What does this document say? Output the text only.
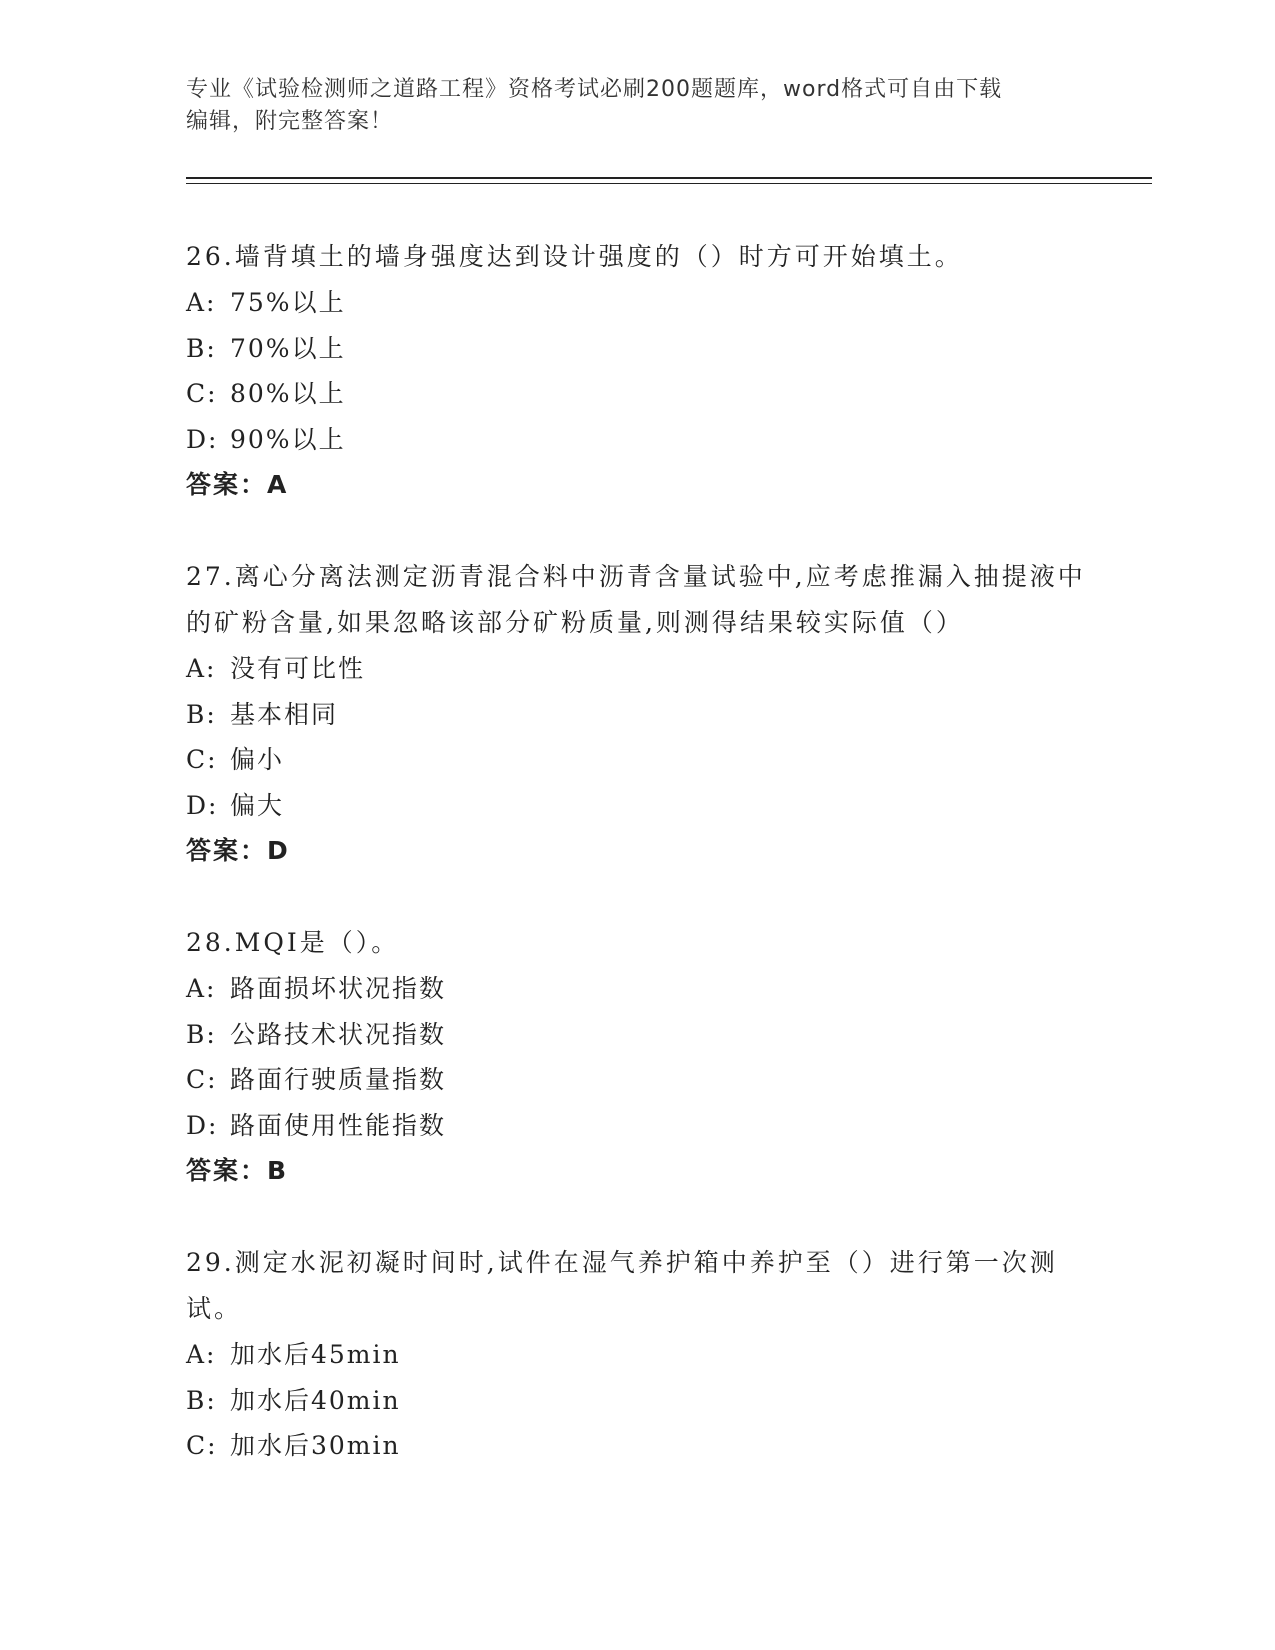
专业《试验检测师之道路工程》资格考试必刷200题题库，word格式可自由下载
编辑，附完整答案！

26.墙背填土的墙身强度达到设计强度的（）时方可开始填土。

A: 75%以上

B: 70%以上

C: 80%以上

D: 90%以上

答案：A

27.离心分离法测定沥青混合料中沥青含量试验中,应考虑推漏入抽提液中的矿粉含量,如果忽略该部分矿粉质量,则测得结果较实际值（）

A: 没有可比性

B: 基本相同

C: 偏小

D: 偏大

答案：D

28.MQI是（）。

A: 路面损坏状况指数

B: 公路技术状况指数

C: 路面行驶质量指数

D: 路面使用性能指数

答案：B

29.测定水泥初凝时间时,试件在湿气养护箱中养护至（）进行第一次测试。

A: 加水后45min

B: 加水后40min

C: 加水后30min
